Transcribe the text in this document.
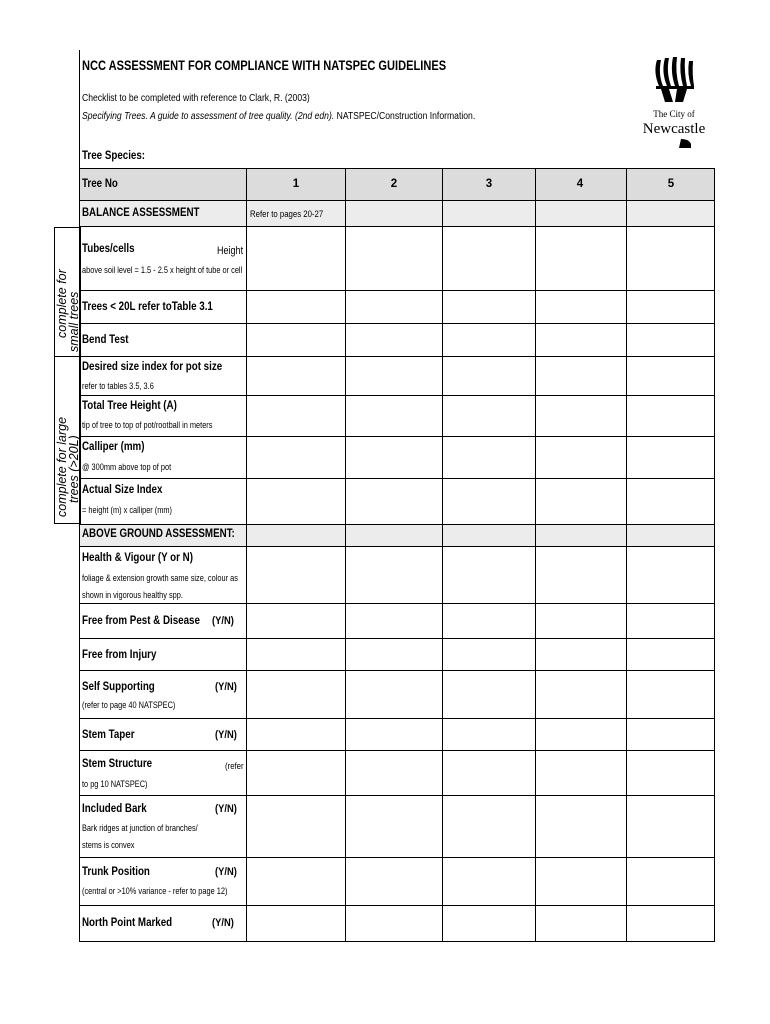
NCC ASSESSMENT FOR COMPLIANCE WITH NATSPEC GUIDELINES
Checklist to be completed with reference to Clark, R. (2003)
Specifying Trees. A guide to assessment of tree quality. (2nd edn). NATSPEC/Construction Information.	The City of
Newcastle
Tree Species:
Tree No	1	2	3	4	5
BALANCE ASSESSMENT	Refer to pages 20-27
complete for
small trees
complete for large
trees (>20L)
Tubes/cells	Height
above soil level = 1.5 - 2.5 x height of tube or cell
Trees < 20L refer toTable 3.1
Bend Test
Desired size index for pot size
refer to tables 3.5, 3.6
Total Tree Height (A)
tip of tree to top of pot/rootball in meters
Calliper (mm)
@ 300mm above top of pot
Actual Size Index
= height (m) x calliper (mm)
ABOVE GROUND ASSESSMENT:
Health & Vigour (Y or N)
foliage & extension growth same size, colour as
shown in vigorous healthy spp.
Free from Pest & Disease (Y/N)
Free from Injury
Self Supporting	(Y/N)
(refer to page 40 NATSPEC)
Stem Taper	(Y/N)
Stem Structure	(refer
to pg 10 NATSPEC)
Included Bark	(Y/N)
Bark ridges at junction of branches/
stems is convex
Trunk Position	(Y/N)
(central or >10% variance - refer to page 12)
North Point Marked	(Y/N)
